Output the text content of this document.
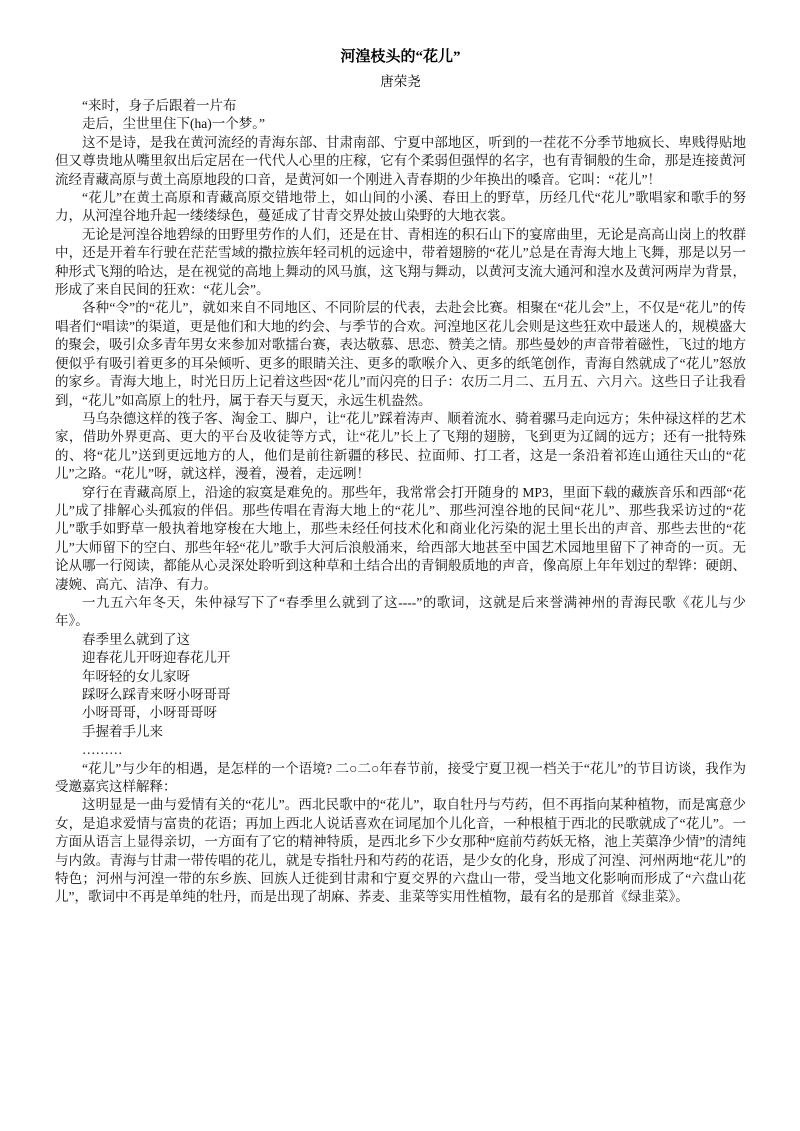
河湟枝头的“花儿”
唐荣尧

“来时，身子后跟着一片布

走后，尘世里住下(ha)一个梦。”

这不是诗，是我在黄河流经的青海东部、甘肃南部、宁夏中部地区，听到的一茬花不分季节地疯长、卑贱得贴地但又尊贵地从嘴里叙出后定居在一代代人心里的庄稼，它有个柔弱但强悍的名字，也有青铜般的生命，那是连接黄河流经青藏高原与黄土高原地段的口音，是黄河如一个刚进入青春期的少年换出的嗓音。它叫：“花儿”！

“花儿”在黄土高原和青藏高原交错地带上，如山间的小溪、春田上的野草，历经几代“花儿”歌唱家和歌手的努力，从河湟谷地升起一缕缕绿色，蔓延成了甘青交界处披山染野的大地衣裳。

无论是河湟谷地碧绿的田野里劳作的人们，还是在甘、青相连的积石山下的宴席曲里，无论是高高山岗上的牧群中，还是开着车行驶在茫茫雪域的撒拉族年轻司机的远途中，带着翅膀的“花儿”总是在青海大地上飞舞，那是以另一种形式飞翔的哈达，是在视觉的高地上舞动的风马旗，这飞翔与舞动，以黄河支流大通河和湟水及黄河两岸为背景，形成了来自民间的狂欢：“花儿会”。

各种“令”的“花儿”，就如来自不同地区、不同阶层的代表，去赴会比赛。相聚在“花儿会”上，不仅是“花儿”的传唱者们“唱读”的渠道，更是他们和大地的约会、与季节的合欢。河湟地区花儿会则是这些狂欢中最迷人的，规模盛大的聚会，吸引众多青年男女来参加对歌擂台赛，表达敬慕、思恋、赞美之情。那些曼妙的声音带着磁性，飞过的地方便似乎有吸引着更多的耳朵倾听、更多的眼睛关注、更多的歌喉介入、更多的纸笔创作，青海自然就成了“花儿”怒放的家乡。青海大地上，时光日历上记着这些因“花儿”而闪亮的日子：农历二月二、五月五、六月六。这些日子让我看到，“花儿”如高原上的牡丹，属于春天与夏天，永远生机盎然。

马乌杂德这样的筏子客、淘金工、脚户，让“花儿”踩着涛声、顺着流水、骑着骡马走向远方；朱仲禄这样的艺术家，借助外界更高、更大的平台及收徒等方式，让“花儿”长上了飞翔的翅膀，飞到更为辽阔的远方；还有一批特殊的、将“花儿”送到更远地方的人，他们是前往新疆的移民、拉面师、打工者，这是一条沿着祁连山通往天山的“花儿”之路。“花儿”呀，就这样，漫着，漫着，走远咧！

穿行在青藏高原上，沿途的寂寞是难免的。那些年，我常常会打开随身的 MP3，里面下载的藏族音乐和西部“花儿”成了排解心头孤寂的伴侣。那些传唱在青海大地上的“花儿”、那些河湟谷地的民间“花儿”、那些我采访过的“花儿”歌手如野草一般执着地穿梭在大地上，那些未经任何技术化和商业化污染的泥土里长出的声音、那些去世的“花儿”大师留下的空白、那些年轻“花儿”歌手大河后浪般涌来，给西部大地甚至中国艺术园地里留下了神奇的一页。无论从哪一行阅读，都能从心灵深处聆听到这种草和土结合出的青铜般质地的声音，像高原上年年划过的犁铧：硬朗、凄婉、高亢、洁净、有力。

一九五六年冬天，朱仲禄写下了“春季里么就到了这----”的歌词，这就是后来誉满神州的青海民歌《花儿与少年》。

春季里么就到了这

迎春花儿开呀迎春花儿开

年呀轻的女儿家呀

踩呀么踩青来呀小呀哥哥

小呀哥哥，小呀哥哥呀

手握着手儿来

………

“花儿”与少年的相遇，是怎样的一个语境? 二○二○年春节前，接受宁夏卫视一档关于“花儿”的节目访谈，我作为受邀嘉宾这样解释：

这明显是一曲与爱情有关的“花儿”。西北民歌中的“花儿”，取自牡丹与芍药，但不再指向某种植物，而是寓意少女，是追求爱情与富贵的花语；再加上西北人说话喜欢在词尾加个儿化音，一种根植于西北的民歌就成了“花儿”。一方面从语言上显得亲切，一方面有了它的精神特质，是西北乡下少女那种“庭前芍药妖无格，池上芙蕖净少情”的清纯与内敛。青海与甘肃一带传唱的花儿，就是专指牡丹和芍药的花语，是少女的化身，形成了河湟、河州两地“花儿”的特色；河州与河湟一带的东乡族、回族人迁徙到甘肃和宁夏交界的六盘山一带，受当地文化影响而形成了“六盘山花儿”，歌词中不再是单纯的牡丹，而是出现了胡麻、荞麦、韭菜等实用性植物，最有名的是那首《绿韭菜》。
